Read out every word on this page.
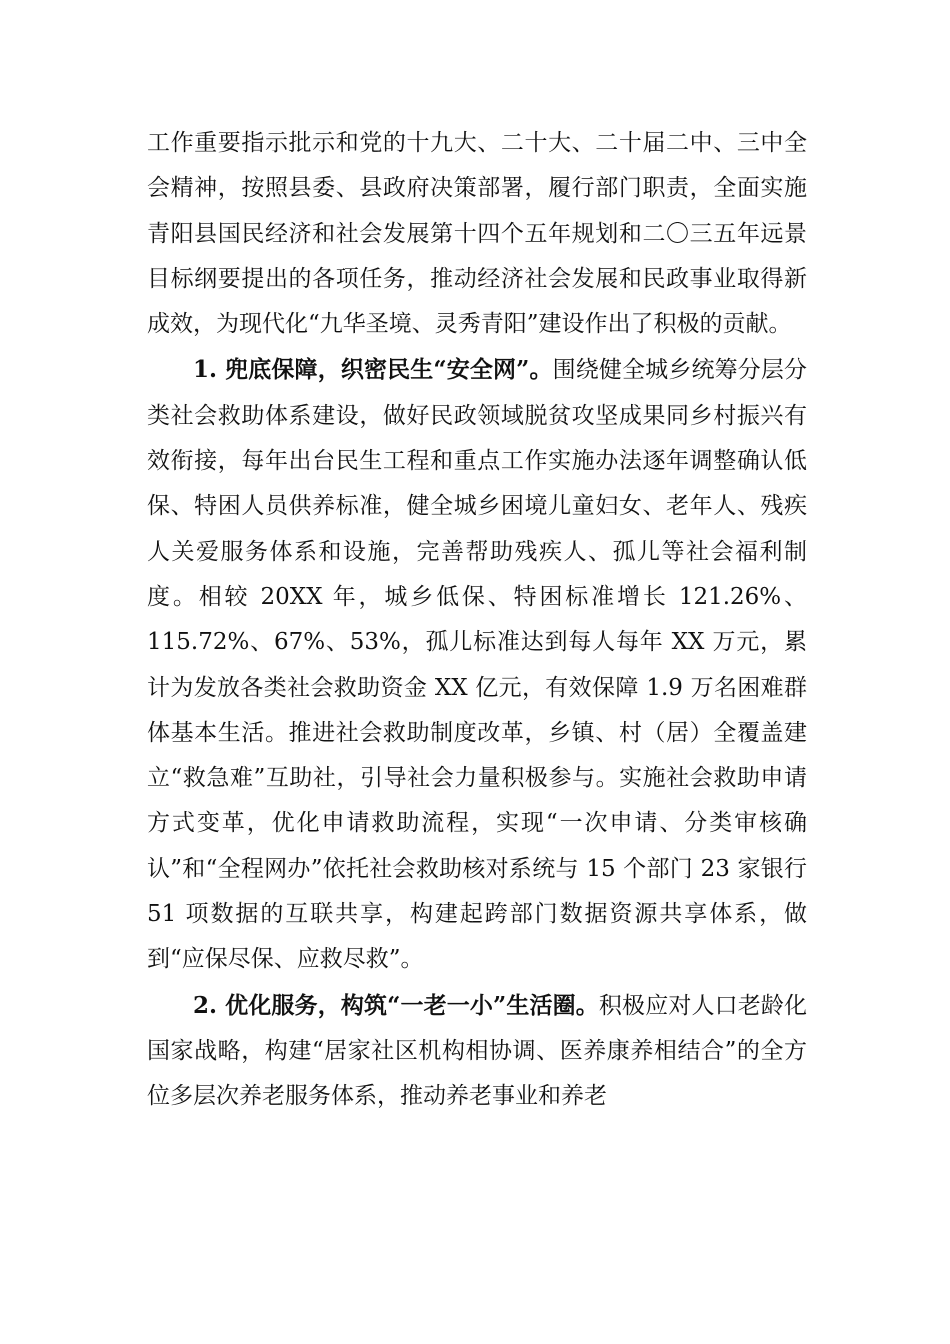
工作重要指示批示和党的十九大、二十大、二十届二中、三中全会精神，按照县委、县政府决策部署，履行部门职责，全面实施青阳县国民经济和社会发展第十四个五年规划和二〇三五年远景目标纲要提出的各项任务，推动经济社会发展和民政事业取得新成效，为现代化“九华圣境、灵秀青阳”建设作出了积极的贡献。

1. 兜底保障，织密民生“安全网”。围绕健全城乡统筹分层分类社会救助体系建设，做好民政领域脱贫攻坚成果同乡村振兴有效衔接，每年出台民生工程和重点工作实施办法逐年调整确认低保、特困人员供养标准，健全城乡困境儿童妇女、老年人、残疾人关爱服务体系和设施，完善帮助残疾人、孤儿等社会福利制度。相较 20XX 年，城乡低保、特困标准增长 121.26%、115.72%、67%、53%，孤儿标准达到每人每年 XX 万元，累计为发放各类社会救助资金 XX 亿元，有效保障 1.9 万名困难群体基本生活。推进社会救助制度改革，乡镇、村（居）全覆盖建立“救急难”互助社，引导社会力量积极参与。实施社会救助申请方式变革，优化申请救助流程，实现“一次申请、分类审核确认”和“全程网办”依托社会救助核对系统与 15 个部门 23 家银行 51 项数据的互联共享，构建起跨部门数据资源共享体系，做到“应保尽保、应救尽救”。

2. 优化服务，构筑“一老一小”生活圈。积极应对人口老龄化国家战略，构建“居家社区机构相协调、医养康养相结合”的全方位多层次养老服务体系，推动养老事业和养老
